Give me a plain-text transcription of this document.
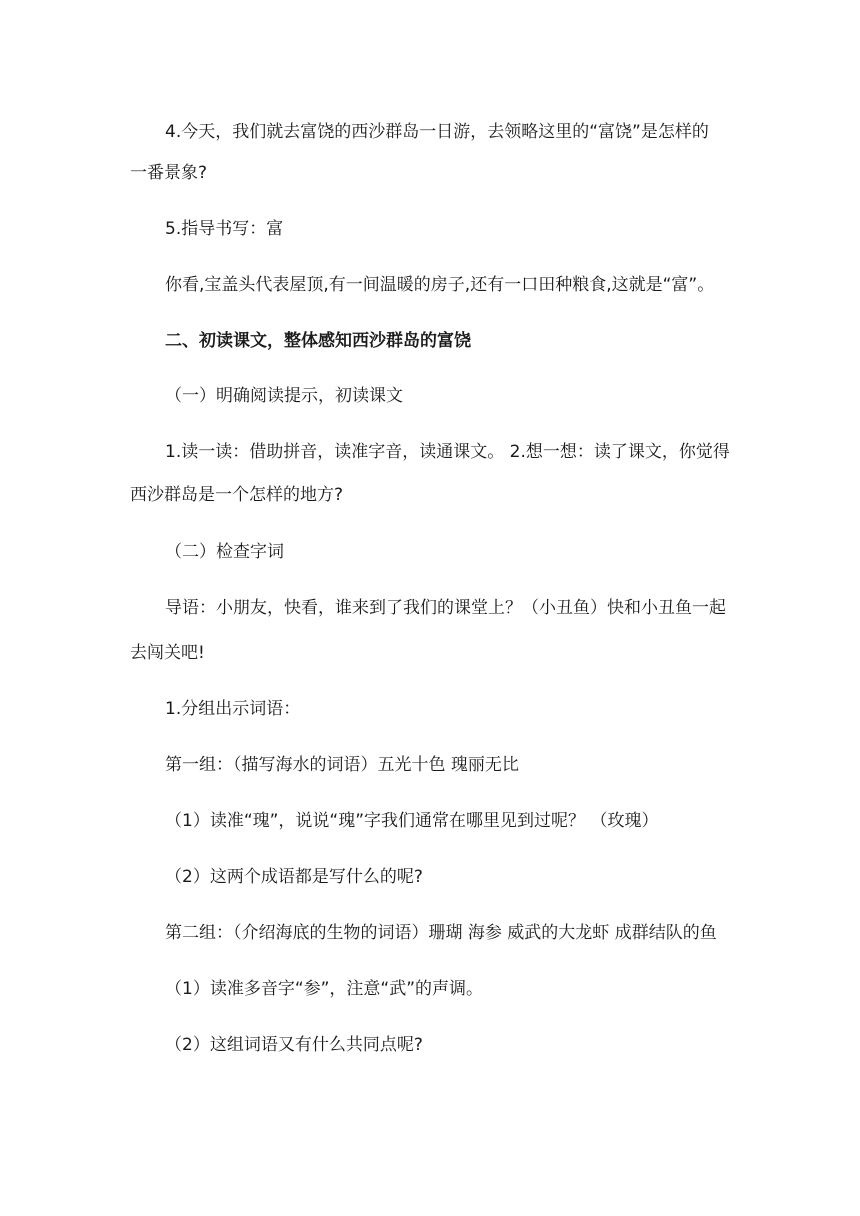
4.今天，我们就去富饶的西沙群岛一日游，去领略这里的“富饶”是怎样的
一番景象?
5.指导书写：富
你看,宝盖头代表屋顶,有一间温暖的房子,还有一口田种粮食,这就是“富”。
二、初读课文，整体感知西沙群岛的富饶
（一）明确阅读提示，初读课文
1.读一读：借助拼音，读准字音，读通课文。 2.想一想：读了课文，你觉得
西沙群岛是一个怎样的地方?
（二）检查字词
导语：小朋友，快看，谁来到了我们的课堂上？（小丑鱼）快和小丑鱼一起
去闯关吧!
1.分组出示词语：
第一组：（描写海水的词语）五光十色 瑰丽无比
（1）读准“瑰”，说说“瑰”字我们通常在哪里见到过呢？ （玫瑰）
（2）这两个成语都是写什么的呢?
第二组：（介绍海底的生物的词语）珊瑚 海参 威武的大龙虾 成群结队的鱼
（1）读准多音字“参”，注意“武”的声调。
（2）这组词语又有什么共同点呢?
